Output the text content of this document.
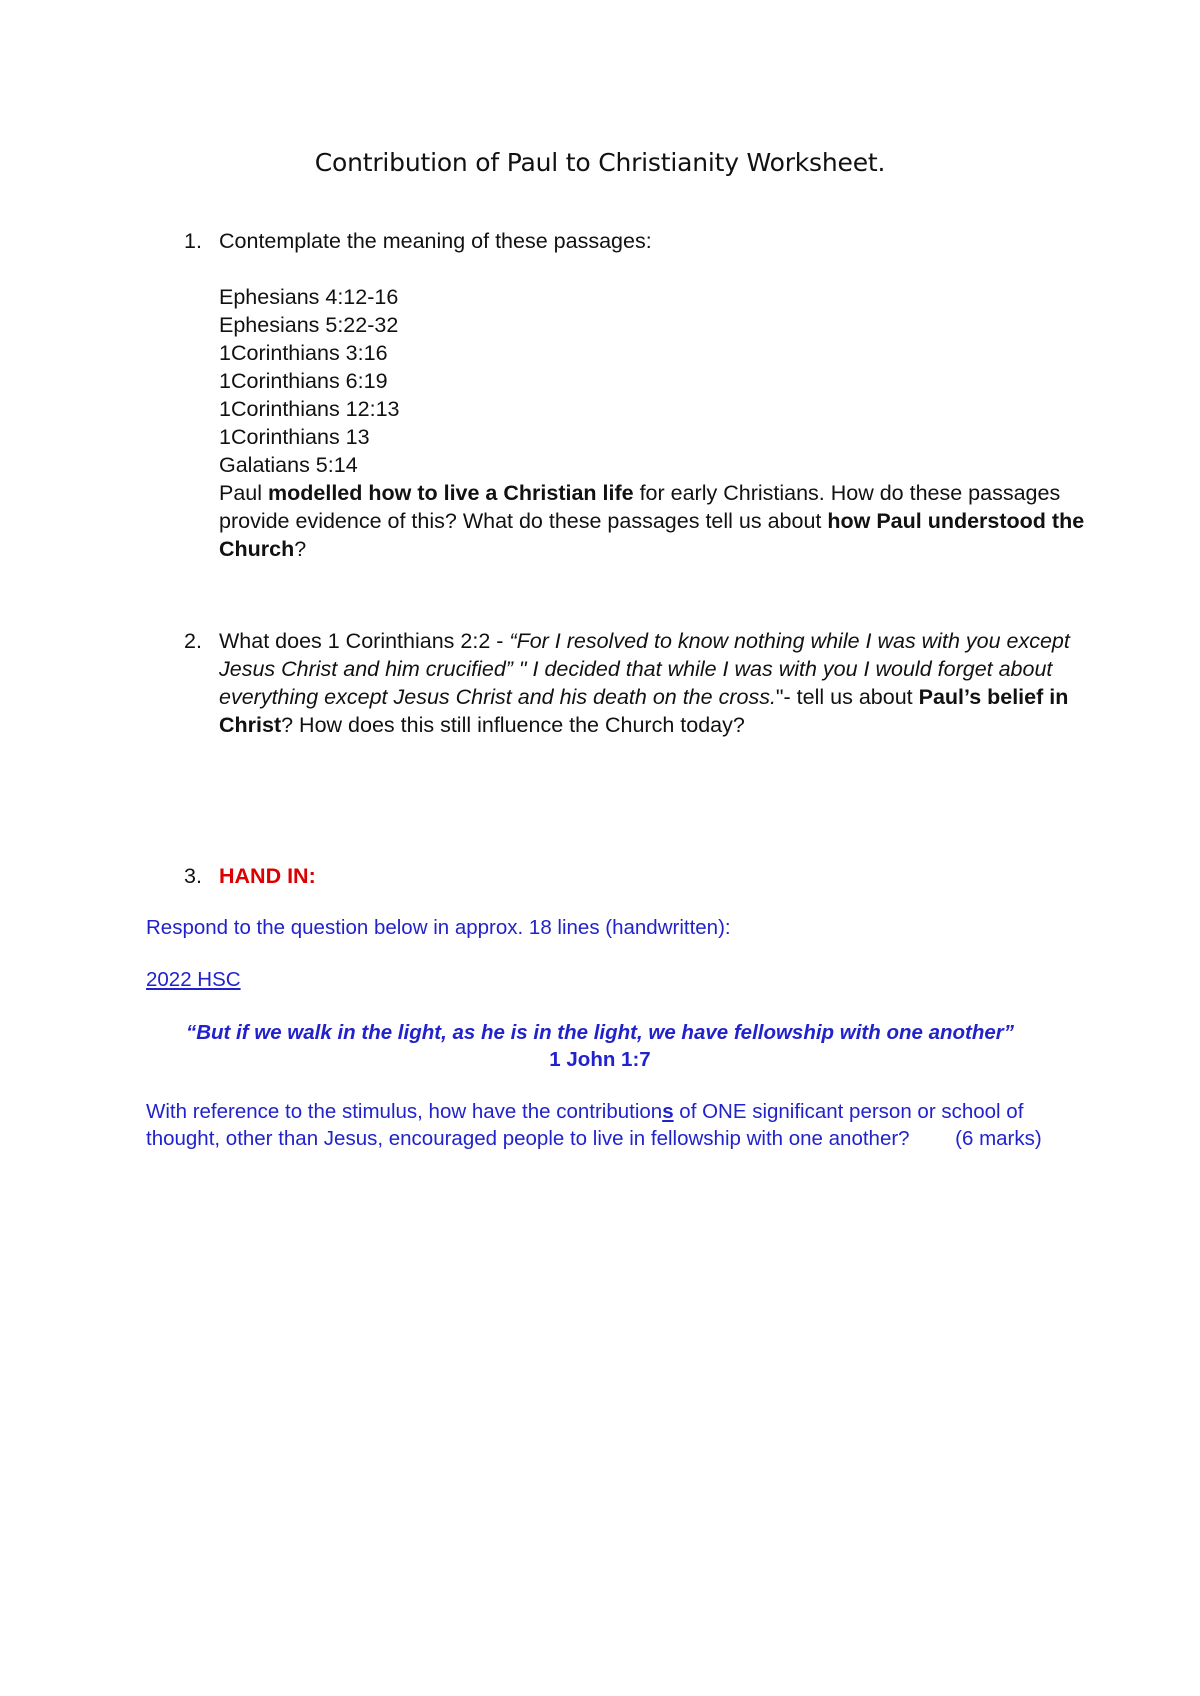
Contribution of Paul to Christianity Worksheet.
1. Contemplate the meaning of these passages:
Ephesians 4:12-16
Ephesians 5:22-32
1Corinthians 3:16
1Corinthians 6:19
1Corinthians 12:13
1Corinthians 13
Galatians 5:14
Paul modelled how to live a Christian life for early Christians. How do these passages provide evidence of this? What do these passages tell us about how Paul understood the Church?
2. What does 1 Corinthians 2:2 - “For I resolved to know nothing while I was with you except Jesus Christ and him crucified” " I decided that while I was with you I would forget about everything except Jesus Christ and his death on the cross."- tell us about Paul’s belief in Christ? How does this still influence the Church today?
3. HAND IN:
Respond to the question below in approx. 18 lines (handwritten):
2022 HSC
“But if we walk in the light, as he is in the light, we have fellowship with one another”
1 John 1:7
With reference to the stimulus, how have the contributions of ONE significant person or school of thought, other than Jesus, encouraged people to live in fellowship with one another?        (6 marks)
